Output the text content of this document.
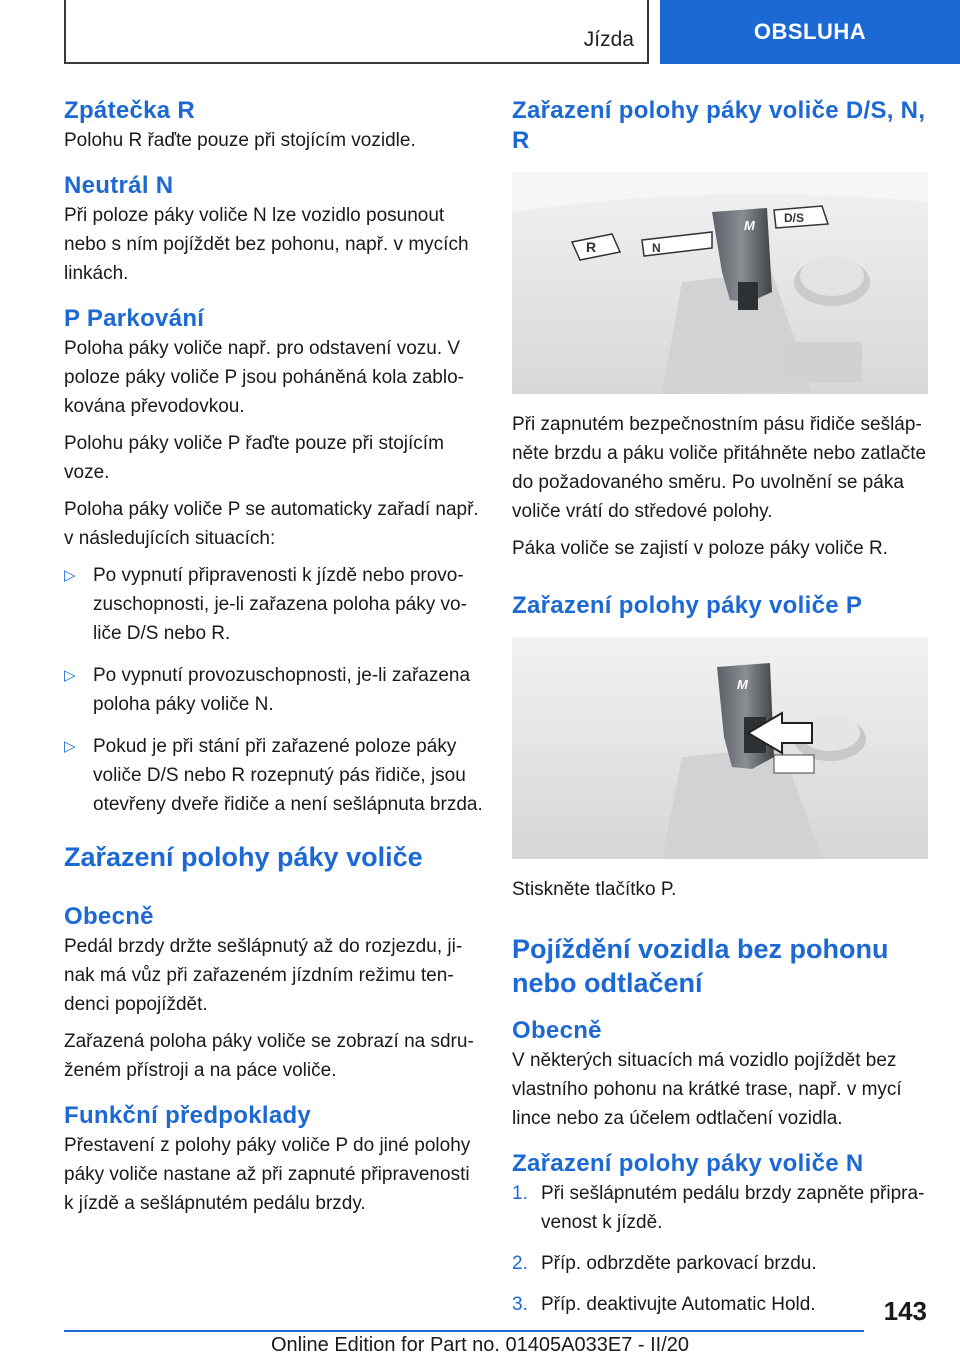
Jízda	OBSLUHA
Zpátečka R

Polohu R řaďte pouze při stojícím vozidle.

Neutrál N

Při poloze páky voliče N lze vozidlo posunout nebo s ním pojíždět bez pohonu, např. v mycích linkách.

P Parkování

Poloha páky voliče např. pro odstavení vozu. V poloze páky voliče P jsou poháněná kola zablokována převodovkou.

Polohu páky voliče P řaďte pouze při stojícím voze.

Poloha páky voliče P se automaticky zařadí např. v následujících situacích:

▷ Po vypnutí připravenosti k jízdě nebo provozuschopnosti, je-li zařazena poloha páky voliče D/S nebo R.
▷ Po vypnutí provozuschopnosti, je-li zařazena poloha páky voliče N.
▷ Pokud je při stání při zařazené poloze páky voliče D/S nebo R rozepnutý pás řidiče, jsou otevřeny dveře řidiče a není sešlápnuta brzda.
Zařazení polohy páky voliče
Obecně

Pedál brzdy držte sešlápnutý až do rozjezdu, jinak má vůz při zařazeném jízdním režimu tendenci popojíždět.

Zařazená poloha páky voliče se zobrazí na sdruženém přístroji a na páce voliče.

Funkční předpoklady

Přestavení z polohy páky voliče P do jiné polohy páky voliče nastane až při zapnuté připravenosti k jízdě a sešlápnutém pedálu brzdy.

Zařazení polohy páky voliče D/S, N, R
M
R	N
D/S

Při zapnutém bezpečnostním pásu řidiče sešlápněte brzdu a páku voliče přitáhněte nebo zatlačte do požadovaného směru. Po uvolnění se páka voliče vrátí do středové polohy.

Páka voliče se zajistí v poloze páky voliče R.

Zařazení polohy páky voliče P
M

Stiskněte tlačítko P.

Pojíždění vozidla bez pohonu nebo odtlačení
Obecně

V některých situacích má vozidlo pojíždět bez vlastního pohonu na krátké trase, např. v mycí lince nebo za účelem odtlačení vozidla.

Zařazení polohy páky voliče N
1. Při sešlápnutém pedálu brzdy zapněte připravenost k jízdě.
2. Příp. odbrzděte parkovací brzdu.
3. Příp. deaktivujte Automatic Hold.	143
Online Edition for Part no. 01405A033E7 - II/20
